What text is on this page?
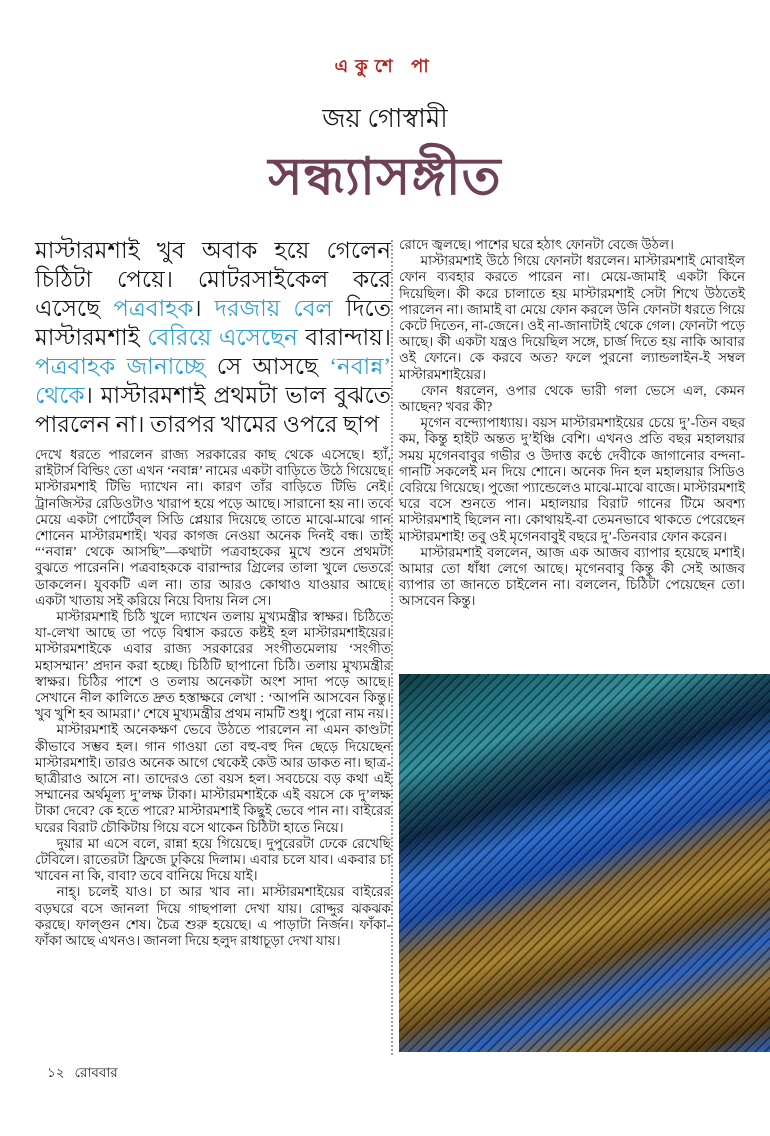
একুশে পা
জয় গোস্বামী
সন্ধ্যাসঙ্গীত

মাস্টারমশাই খুব অবাক হয়ে গেলেন চিঠিটা পেয়ে। মোটরসাইকেল করে এসেছে পত্রবাহক। দরজায় বেল দিতে মাস্টারমশাই বেরিয়ে এসেছেন বারান্দায়। পত্রবাহক জানাচ্ছে সে আসছে ‘নবান্ন’ থেকে। মাস্টারমশাই প্রথমটা ভাল বুঝতে পারলেন না। তারপর খামের ওপরে ছাপ

দেখে ধরতে পারলেন রাজ্য সরকারের কাছ থেকে এসেছে। হ্যাঁ, রাইটার্স বিল্ডিং তো এখন ‘নবান্ন’ নামের একটা বাড়িতে উঠে গিয়েছে। মাস্টারমশাই টিভি দ্যাখেন না। কারণ তাঁর বাড়িতে টিভি নেই। ট্রানজিস্টর রেডিওটাও খারাপ হয়ে পড়ে আছে। সারানো হয় না। তবে মেয়ে একটা পোর্টেব্‌ল সিডি প্লেয়ার দিয়েছে তাতে মাঝে-মাঝে গান শোনেন মাস্টারমশাই। খবর কাগজ নেওয়া অনেক দিনই বন্ধ। তাই “‘নবান্ন’ থেকে আসছি”—কথাটা পত্রবাহকের মুখে শুনে প্রথমটা বুঝতে পারেননি। পত্রবাহককে বারান্দার গ্রিলের তালা খুলে ভেতরে ডাকলেন। যুবকটি এল না। তার আরও কোথাও যাওয়ার আছে। একটা খাতায় সই করিয়ে নিয়ে বিদায় নিল সে।

মাস্টারমশাই চিঠি খুলে দ্যাখেন তলায় মুখ্যমন্ত্রীর স্বাক্ষর। চিঠিতে যা-লেখা আছে তা পড়ে বিশ্বাস করতে কষ্টই হল মাস্টারমশাইয়ের। মাস্টারমশাইকে এবার রাজ্য সরকারের সংগীতমেলায় ‘সংগীত মহাসম্মান’ প্রদান করা হচ্ছে। চিঠিটি ছাপানো চিঠি। তলায় মুখ্যমন্ত্রীর স্বাক্ষর। চিঠির পাশে ও তলায় অনেকটা অংশ সাদা পড়ে আছে। সেখানে নীল কালিতে দ্রুত হস্তাক্ষরে লেখা : ‘আপনি আসবেন কিন্তু। খুব খুশি হব আমরা।’ শেষে মুখ্যমন্ত্রীর প্রথম নামটি শুধু। পুরো নাম নয়।

মাস্টারমশাই অনেকক্ষণ ভেবে উঠতে পারলেন না এমন কাণ্ডটা কীভাবে সম্ভব হল। গান গাওয়া তো বহু-বহু দিন ছেড়ে দিয়েছেন মাস্টারমশাই। তারও অনেক আগে থেকেই কেউ আর ডাকত না। ছাত্র-ছাত্রীরাও আসে না। তাদেরও তো বয়স হল। সবচেয়ে বড় কথা এই সম্মানের অর্থমূল্য দু’লক্ষ টাকা। মাস্টারমশাইকে এই বয়সে কে দু’লক্ষ টাকা দেবে? কে হতে পারে? মাস্টারমশাই কিছুই ভেবে পান না। বাইরের ঘরের বিরাট চৌকিটায় গিয়ে বসে থাকেন চিঠিটা হাতে নিয়ে।

দুয়ার মা এসে বলে, রান্না হয়ে গিয়েছে। দুপুরেরটা ঢেকে রেখেছি টেবিলে। রাতেরটা ফ্রিজে ঢুকিয়ে দিলাম। এবার চলে যাব। একবার চা খাবেন না কি, বাবা? তবে বানিয়ে দিয়ে যাই।

নাহ্‌। চলেই যাও। চা আর খাব না। মাস্টারমশাইয়ের বাইরের বড়ঘরে বসে জানলা দিয়ে গাছপালা দেখা যায়। রোদ্দুর ঝকঝক করছে। ফাল্গুন শেষ। চৈত্র শুরু হয়েছে। এ পাড়াটা নির্জন। ফাঁকা-ফাঁকা আছে এখনও। জানলা দিয়ে হলুদ রাধাচূড়া দেখা যায়।

রোদে জ্বলছে। পাশের ঘরে হঠাৎ ফোনটা বেজে উঠল।

মাস্টারমশাই উঠে গিয়ে ফোনটা ধরলেন। মাস্টারমশাই মোবাইল ফোন ব্যবহার করতে পারেন না। মেয়ে-জামাই একটা কিনে দিয়েছিল। কী করে চালাতে হয় মাস্টারমশাই সেটা শিখে উঠতেই পারলেন না। জামাই বা মেয়ে ফোন করলে উনি ফোনটা ধরতে গিয়ে কেটে দিতেন, না-জেনে। ওই না-জানাটাই থেকে গেল। ফোনটা পড়ে আছে। কী একটা যন্ত্রও দিয়েছিল সঙ্গে, চার্জ দিতে হয় নাকি আবার ওই ফোনে। কে করবে অত? ফলে পুরনো ল্যান্ডলাইন-ই সম্বল মাস্টারমশাইয়ের।

ফোন ধরলেন, ওপার থেকে ভারী গলা ভেসে এল, কেমন আছেন? খবর কী?

মৃগেন বন্দ্যোপাধ্যায়। বয়স মাস্টারমশাইয়ের চেয়ে দু’-তিন বছর কম, কিন্তু হাইট অন্তত দু’ইঞ্চি বেশি। এখনও প্রতি বছর মহালয়ার সময় মৃগেনবাবুর গভীর ও উদাত্ত কণ্ঠে দেবীকে জাগানোর বন্দনা-গানটি সকলেই মন দিয়ে শোনে। অনেক দিন হল মহালয়ার সিডিও বেরিয়ে গিয়েছে। পুজো প্যান্ডেলেও মাঝে-মাঝে বাজে। মাস্টারমশাই ঘরে বসে শুনতে পান। মহালয়ার বিরাট গানের টিমে অবশ্য মাস্টারমশাই ছিলেন না। কোথায়ই-বা তেমনভাবে থাকতে পেরেছেন মাস্টারমশাই! তবু ওই মৃগেনবাবুই বছরে দু’-তিনবার ফোন করেন।

মাস্টারমশাই বললেন, আজ এক আজব ব্যাপার হয়েছে মশাই। আমার তো ধাঁধা লেগে আছে। মৃগেনবাবু কিন্তু কী সেই আজব ব্যাপার তা জানতে চাইলেন না। বললেন, চিঠিটা পেয়েছেন তো। আসবেন কিন্তু।

১২ রোববার
